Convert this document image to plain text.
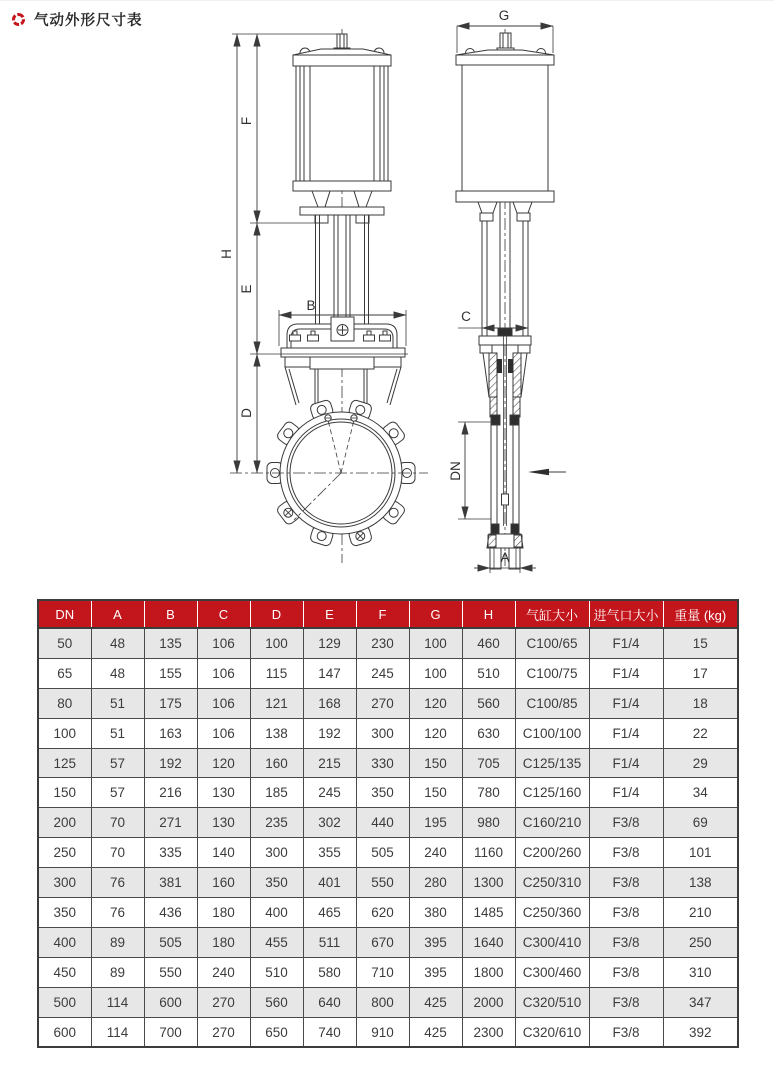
气动外形尺寸表
H
F
E
D
B
G
C
DN
A
DN	A	B	C	D	E	F	G	H	气缸大小	进气口大小	重量 (kg)
50	48	135	106	100	129	230	100	460	C100/65	F1/4	15
65	48	155	106	115	147	245	100	510	C100/75	F1/4	17
80	51	175	106	121	168	270	120	560	C100/85	F1/4	18
100	51	163	106	138	192	300	120	630	C100/100	F1/4	22
125	57	192	120	160	215	330	150	705	C125/135	F1/4	29
150	57	216	130	185	245	350	150	780	C125/160	F1/4	34
200	70	271	130	235	302	440	195	980	C160/210	F3/8	69
250	70	335	140	300	355	505	240	1160	C200/260	F3/8	101
300	76	381	160	350	401	550	280	1300	C250/310	F3/8	138
350	76	436	180	400	465	620	380	1485	C250/360	F3/8	210
400	89	505	180	455	511	670	395	1640	C300/410	F3/8	250
450	89	550	240	510	580	710	395	1800	C300/460	F3/8	310
500	114	600	270	560	640	800	425	2000	C320/510	F3/8	347
600	114	700	270	650	740	910	425	2300	C320/610	F3/8	392
